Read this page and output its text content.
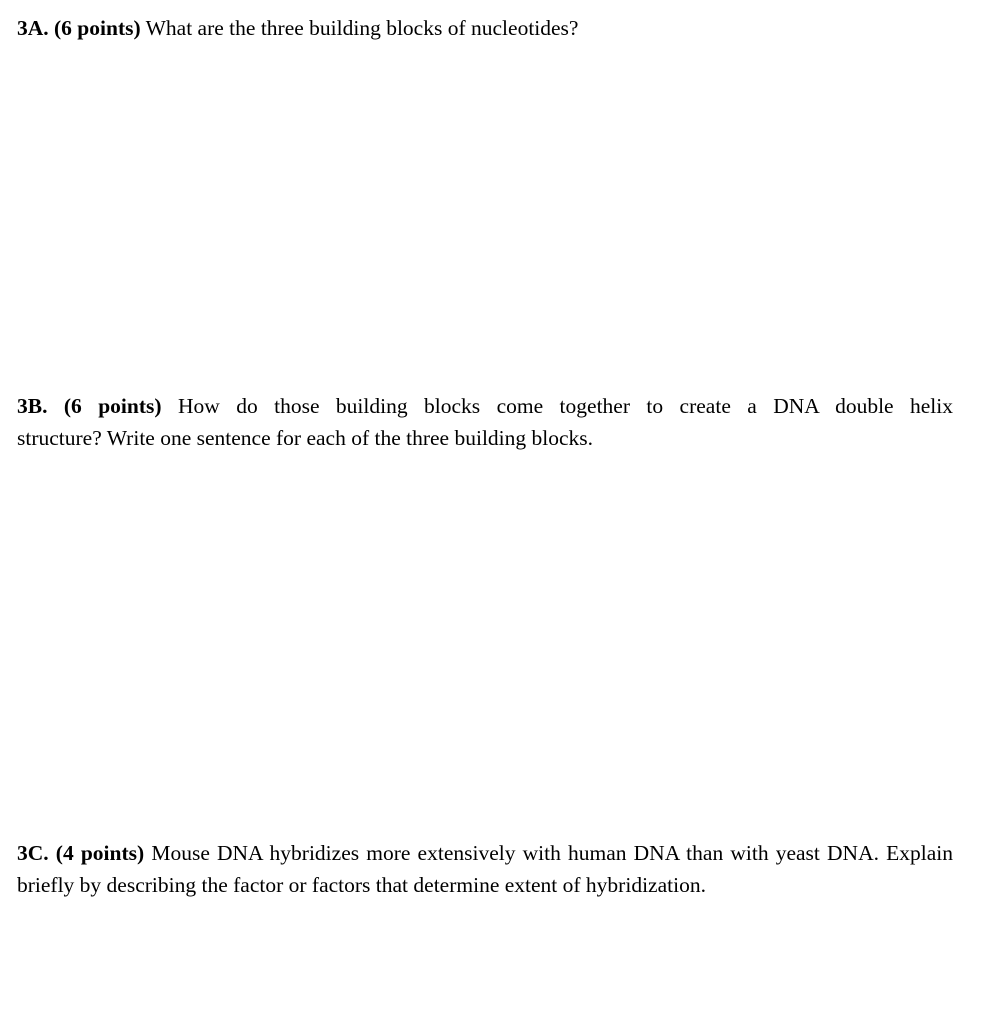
3A. (6 points) What are the three building blocks of nucleotides?
3B. (6 points) How do those building blocks come together to create a DNA double helix
structure? Write one sentence for each of the three building blocks.
3C. (4 points) Mouse DNA hybridizes more extensively with human DNA than with yeast DNA. Explain briefly by describing the factor or factors that determine extent of hybridization.
